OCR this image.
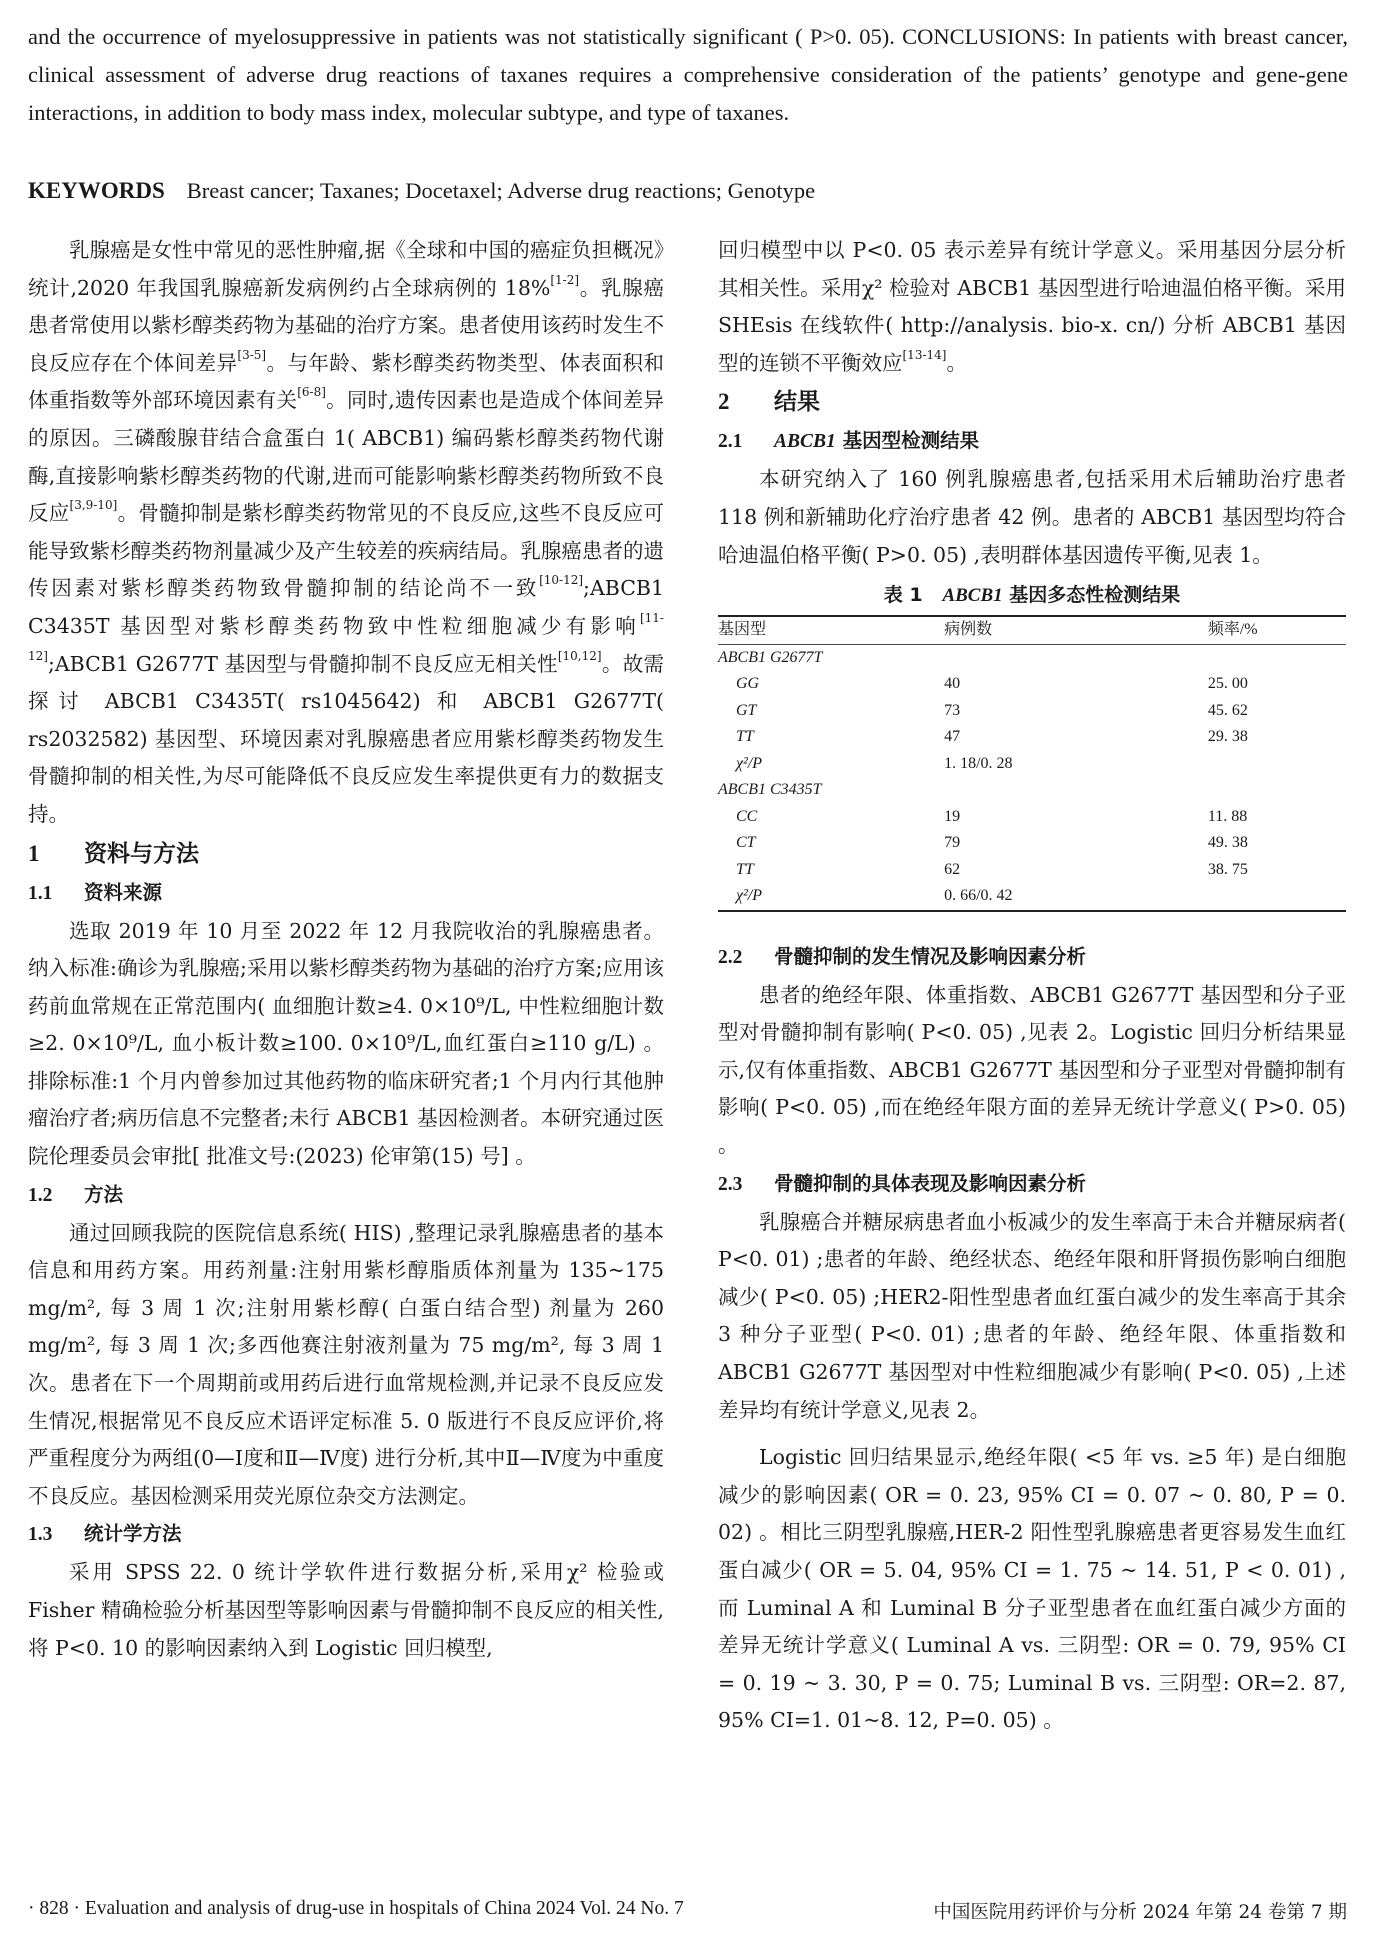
and the occurrence of myelosuppressive in patients was not statistically significant ( P>0. 05). CONCLUSIONS: In patients with breast cancer, clinical assessment of adverse drug reactions of taxanes requires a comprehensive consideration of the patients’ genotype and gene-gene interactions, in addition to body mass index, molecular subtype, and type of taxanes.

KEYWORDS Breast cancer; Taxanes; Docetaxel; Adverse drug reactions; Genotype

乳腺癌是女性中常见的恶性肿瘤,据《全球和中国的癌症负担概况》统计,2020 年我国乳腺癌新发病例约占全球病例的 18%[1-2]。乳腺癌患者常使用以紫杉醇类药物为基础的治疗方案。患者使用该药时发生不良反应存在个体间差异[3-5]。与年龄、紫杉醇类药物类型、体表面积和体重指数等外部环境因素有关[6-8]。同时,遗传因素也是造成个体间差异的原因。三磷酸腺苷结合盒蛋白 1( ABCB1) 编码紫杉醇类药物代谢酶,直接影响紫杉醇类药物的代谢,进而可能影响紫杉醇类药物所致不良反应[3,9-10]。骨髓抑制是紫杉醇类药物常见的不良反应,这些不良反应可能导致紫杉醇类药物剂量减少及产生较差的疾病结局。乳腺癌患者的遗传因素对紫杉醇类药物致骨髓抑制的结论尚不一致[10-12];ABCB1 C3435T 基因型对紫杉醇类药物致中性粒细胞减少有影响[11-12];ABCB1 G2677T 基因型与骨髓抑制不良反应无相关性[10,12]。故需探讨 ABCB1 C3435T( rs1045642) 和 ABCB1 G2677T( rs2032582) 基因型、环境因素对乳腺癌患者应用紫杉醇类药物发生骨髓抑制的相关性,为尽可能降低不良反应发生率提供更有力的数据支持。

1 资料与方法

1.1 资料来源

选取 2019 年 10 月至 2022 年 12 月我院收治的乳腺癌患者。纳入标准:确诊为乳腺癌;采用以紫杉醇类药物为基础的治疗方案;应用该药前血常规在正常范围内( 血细胞计数≥4. 0×10⁹/L, 中性粒细胞计数≥2. 0×10⁹/L, 血小板计数≥100. 0×10⁹/L,血红蛋白≥110 g/L) 。排除标准:1 个月内曾参加过其他药物的临床研究者;1 个月内行其他肿瘤治疗者;病历信息不完整者;未行 ABCB1 基因检测者。本研究通过医院伦理委员会审批[ 批准文号:(2023) 伦审第(15) 号] 。

1.2 方法

通过回顾我院的医院信息系统( HIS) ,整理记录乳腺癌患者的基本信息和用药方案。用药剂量:注射用紫杉醇脂质体剂量为 135~175 mg/m², 每 3 周 1 次;注射用紫杉醇( 白蛋白结合型) 剂量为 260 mg/m², 每 3 周 1 次;多西他赛注射液剂量为 75 mg/m², 每 3 周 1 次。患者在下一个周期前或用药后进行血常规检测,并记录不良反应发生情况,根据常见不良反应术语评定标准 5. 0 版进行不良反应评价,将严重程度分为两组(0—Ⅰ度和Ⅱ—Ⅳ度) 进行分析,其中Ⅱ—Ⅳ度为中重度不良反应。基因检测采用荧光原位杂交方法测定。

1.3 统计学方法

采用 SPSS 22. 0 统计学软件进行数据分析,采用χ² 检验或 Fisher 精确检验分析基因型等影响因素与骨髓抑制不良反应的相关性,将 P<0. 10 的影响因素纳入到 Logistic 回归模型,

回归模型中以 P<0. 05 表示差异有统计学意义。采用基因分层分析其相关性。采用χ² 检验对 ABCB1 基因型进行哈迪温伯格平衡。采用 SHEsis 在线软件( http://analysis. bio-x. cn/) 分析 ABCB1 基因型的连锁不平衡效应[13-14]。

2 结果

2.1 ABCB1 基因型检测结果

本研究纳入了 160 例乳腺癌患者,包括采用术后辅助治疗患者 118 例和新辅助化疗治疗患者 42 例。患者的 ABCB1 基因型均符合哈迪温伯格平衡( P>0. 05) ,表明群体基因遗传平衡,见表 1。

表 1 ABCB1 基因多态性检测结果
基因型	病例数	频率/%
ABCB1 G2677T		
GG	40	25. 00
GT	73	45. 62
TT	47	29. 38
χ²/P	1. 18/0. 28	
ABCB1 C3435T		
CC	19	11. 88
CT	79	49. 38
TT	62	38. 75
χ²/P	0. 66/0. 42	

2.2 骨髓抑制的发生情况及影响因素分析

患者的绝经年限、体重指数、ABCB1 G2677T 基因型和分子亚型对骨髓抑制有影响( P<0. 05) ,见表 2。Logistic 回归分析结果显示,仅有体重指数、ABCB1 G2677T 基因型和分子亚型对骨髓抑制有影响( P<0. 05) ,而在绝经年限方面的差异无统计学意义( P>0. 05) 。

2.3 骨髓抑制的具体表现及影响因素分析

乳腺癌合并糖尿病患者血小板减少的发生率高于未合并糖尿病者( P<0. 01) ;患者的年龄、绝经状态、绝经年限和肝肾损伤影响白细胞减少( P<0. 05) ;HER2-阳性型患者血红蛋白减少的发生率高于其余 3 种分子亚型( P<0. 01) ;患者的年龄、绝经年限、体重指数和 ABCB1 G2677T 基因型对中性粒细胞减少有影响( P<0. 05) ,上述差异均有统计学意义,见表 2。

Logistic 回归结果显示,绝经年限( <5 年 vs. ≥5 年) 是白细胞减少的影响因素( OR = 0. 23, 95% CI = 0. 07 ~ 0. 80, P = 0. 02) 。相比三阴型乳腺癌,HER-2 阳性型乳腺癌患者更容易发生血红蛋白减少( OR = 5. 04, 95% CI = 1. 75 ~ 14. 51, P < 0. 01) ,而 Luminal A 和 Luminal B 分子亚型患者在血红蛋白减少方面的差异无统计学意义( Luminal A vs. 三阴型: OR = 0. 79, 95% CI = 0. 19 ~ 3. 30, P = 0. 75; Luminal B vs. 三阴型: OR=2. 87, 95% CI=1. 01~8. 12, P=0. 05) 。

· 828 · Evaluation and analysis of drug-use in hospitals of China 2024 Vol. 24 No. 7	中国医院用药评价与分析 2024 年第 24 卷第 7 期
